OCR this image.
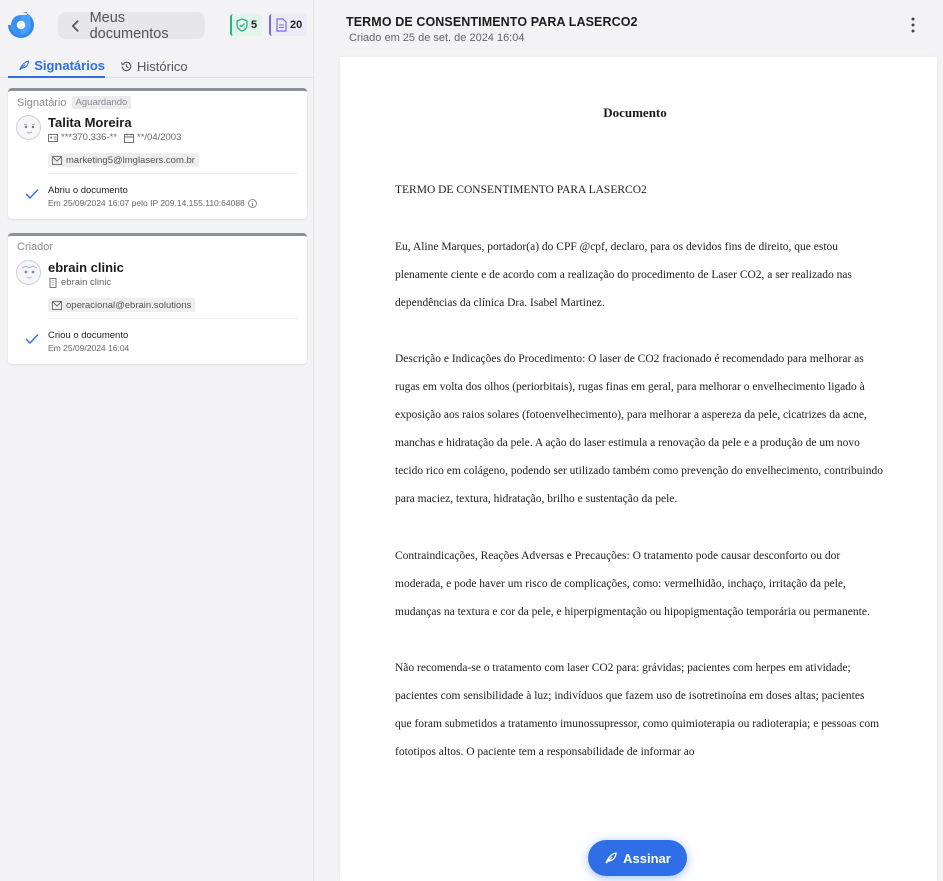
Meus documentos
5	20
Signatários Histórico
Signatário Aguardando
Talita Moreira
***370.336-** **/04/2003
marketing5@lmglasers.com.br
Abriu o documento
Em 25/09/2024 16:07 pelo IP 209.14.155.110:64088
Criador
ebrain clinic
ebrain clinic
operacional@ebrain.solutions
Criou o documento
Em 25/09/2024 16:04
TERMO DE CONSENTIMENTO PARA LASERCO2
Criado em 25 de set. de 2024 16:04
Documento
TERMO DE CONSENTIMENTO PARA LASERCO2

Eu, Aline Marques, portador(a) do CPF @cpf, declaro, para os devidos fins de direito, que estou plenamente ciente e de acordo com a realização do procedimento de Laser CO2, a ser realizado nas dependências da clínica Dra. Isabel Martinez.

Descrição e Indicações do Procedimento: O laser de CO2 fracionado é recomendado para melhorar as rugas em volta dos olhos (periorbitais), rugas finas em geral, para melhorar o envelhecimento ligado à exposição aos raios solares (fotoenvelhecimento), para melhorar a aspereza da pele, cicatrizes da acne, manchas e hidratação da pele. A ação do laser estimula a renovação da pele e a produção de um novo tecido rico em colágeno, podendo ser utilizado também como prevenção do envelhecimento, contribuindo para maciez, textura, hidratação, brilho e sustentação da pele.

Contraindicações, Reações Adversas e Precauções: O tratamento pode causar desconforto ou dor moderada, e pode haver um risco de complicações, como: vermelhidão, inchaço, irritação da pele, mudanças na textura e cor da pele, e hiperpigmentação ou hipopigmentação temporária ou permanente.

Não recomenda-se o tratamento com laser CO2 para: grávidas; pacientes com herpes em atividade; pacientes com sensibilidade à luz; indivíduos que fazem uso de isotretinoína em doses altas; pacientes que foram submetidos a tratamento imunossupressor, como quimioterapia ou radioterapia; e pessoas com fototipos altos. O paciente tem a responsabilidade de informar ao

Assinar
